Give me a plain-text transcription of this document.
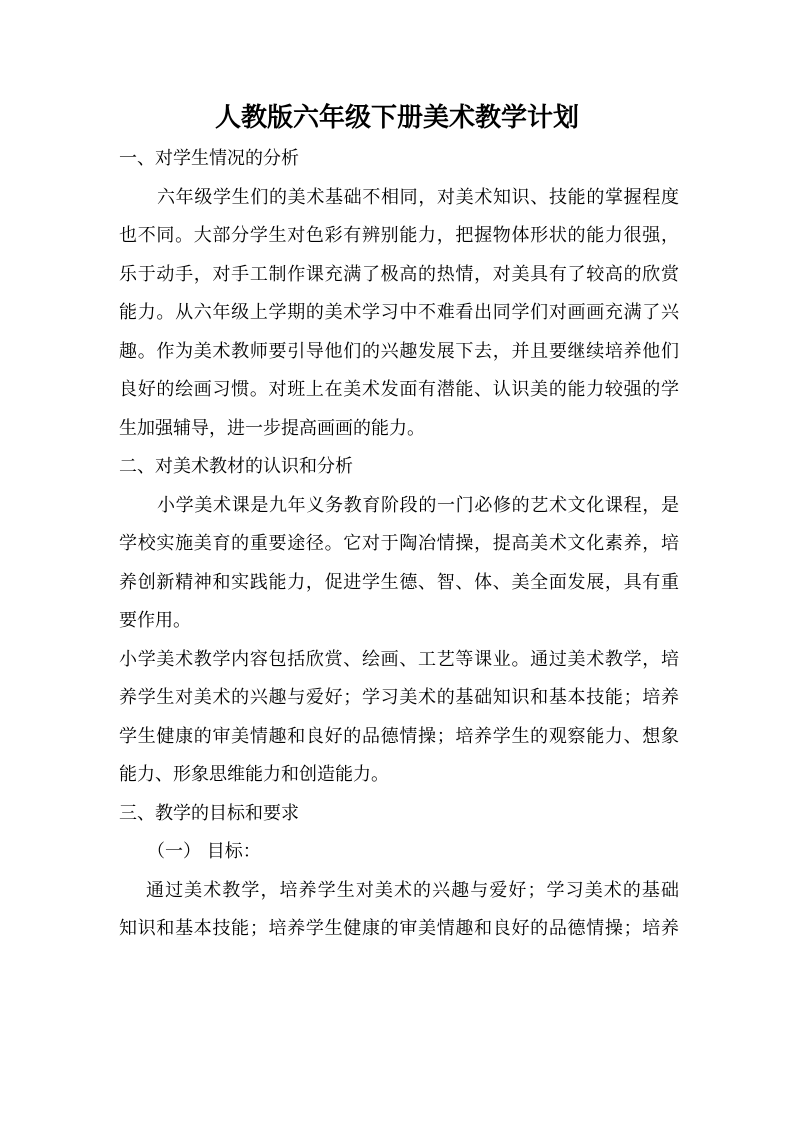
人教版六年级下册美术教学计划
一、对学生情况的分析
六年级学生们的美术基础不相同，对美术知识、技能的掌握程度
也不同。大部分学生对色彩有辨别能力，把握物体形状的能力很强，
乐于动手，对手工制作课充满了极高的热情，对美具有了较高的欣赏
能力。从六年级上学期的美术学习中不难看出同学们对画画充满了兴
趣。作为美术教师要引导他们的兴趣发展下去，并且要继续培养他们
良好的绘画习惯。对班上在美术发面有潜能、认识美的能力较强的学
生加强辅导，进一步提高画画的能力。
二、对美术教材的认识和分析
小学美术课是九年义务教育阶段的一门必修的艺术文化课程，是
学校实施美育的重要途径。它对于陶冶情操，提高美术文化素养，培
养创新精神和实践能力，促进学生德、智、体、美全面发展，具有重
要作用。
小学美术教学内容包括欣赏、绘画、工艺等课业。通过美术教学，培
养学生对美术的兴趣与爱好；学习美术的基础知识和基本技能；培养
学生健康的审美情趣和良好的品德情操；培养学生的观察能力、想象
能力、形象思维能力和创造能力。
三、教学的目标和要求
（一） 目标：
通过美术教学，培养学生对美术的兴趣与爱好；学习美术的基础
知识和基本技能；培养学生健康的审美情趣和良好的品德情操；培养
